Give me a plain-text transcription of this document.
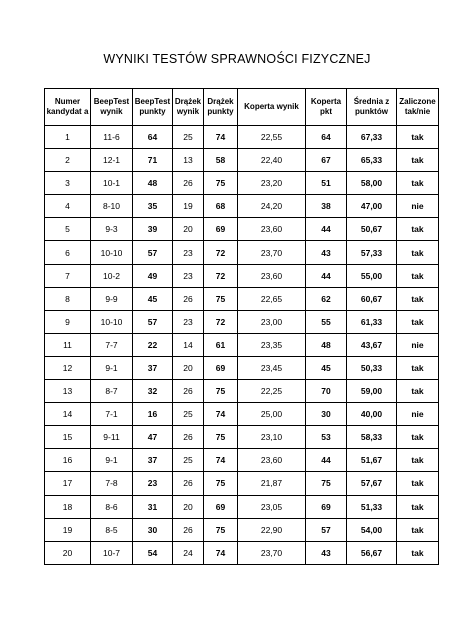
WYNIKI TESTÓW SPRAWNOŚCI FIZYCZNEJ
Numer kandydat a	BeepTest wynik	BeepTest punkty	Drążek wynik	Drążek punkty	Koperta wynik	Koperta pkt	Średnia z punktów	Zaliczone tak/nie
1	11-6	64	25	74	22,55	64	67,33	tak
2	12-1	71	13	58	22,40	67	65,33	tak
3	10-1	48	26	75	23,20	51	58,00	tak
4	8-10	35	19	68	24,20	38	47,00	nie
5	9-3	39	20	69	23,60	44	50,67	tak
6	10-10	57	23	72	23,70	43	57,33	tak
7	10-2	49	23	72	23,60	44	55,00	tak
8	9-9	45	26	75	22,65	62	60,67	tak
9	10-10	57	23	72	23,00	55	61,33	tak
11	7-7	22	14	61	23,35	48	43,67	nie
12	9-1	37	20	69	23,45	45	50,33	tak
13	8-7	32	26	75	22,25	70	59,00	tak
14	7-1	16	25	74	25,00	30	40,00	nie
15	9-11	47	26	75	23,10	53	58,33	tak
16	9-1	37	25	74	23,60	44	51,67	tak
17	7-8	23	26	75	21,87	75	57,67	tak
18	8-6	31	20	69	23,05	69	51,33	tak
19	8-5	30	26	75	22,90	57	54,00	tak
20	10-7	54	24	74	23,70	43	56,67	tak
